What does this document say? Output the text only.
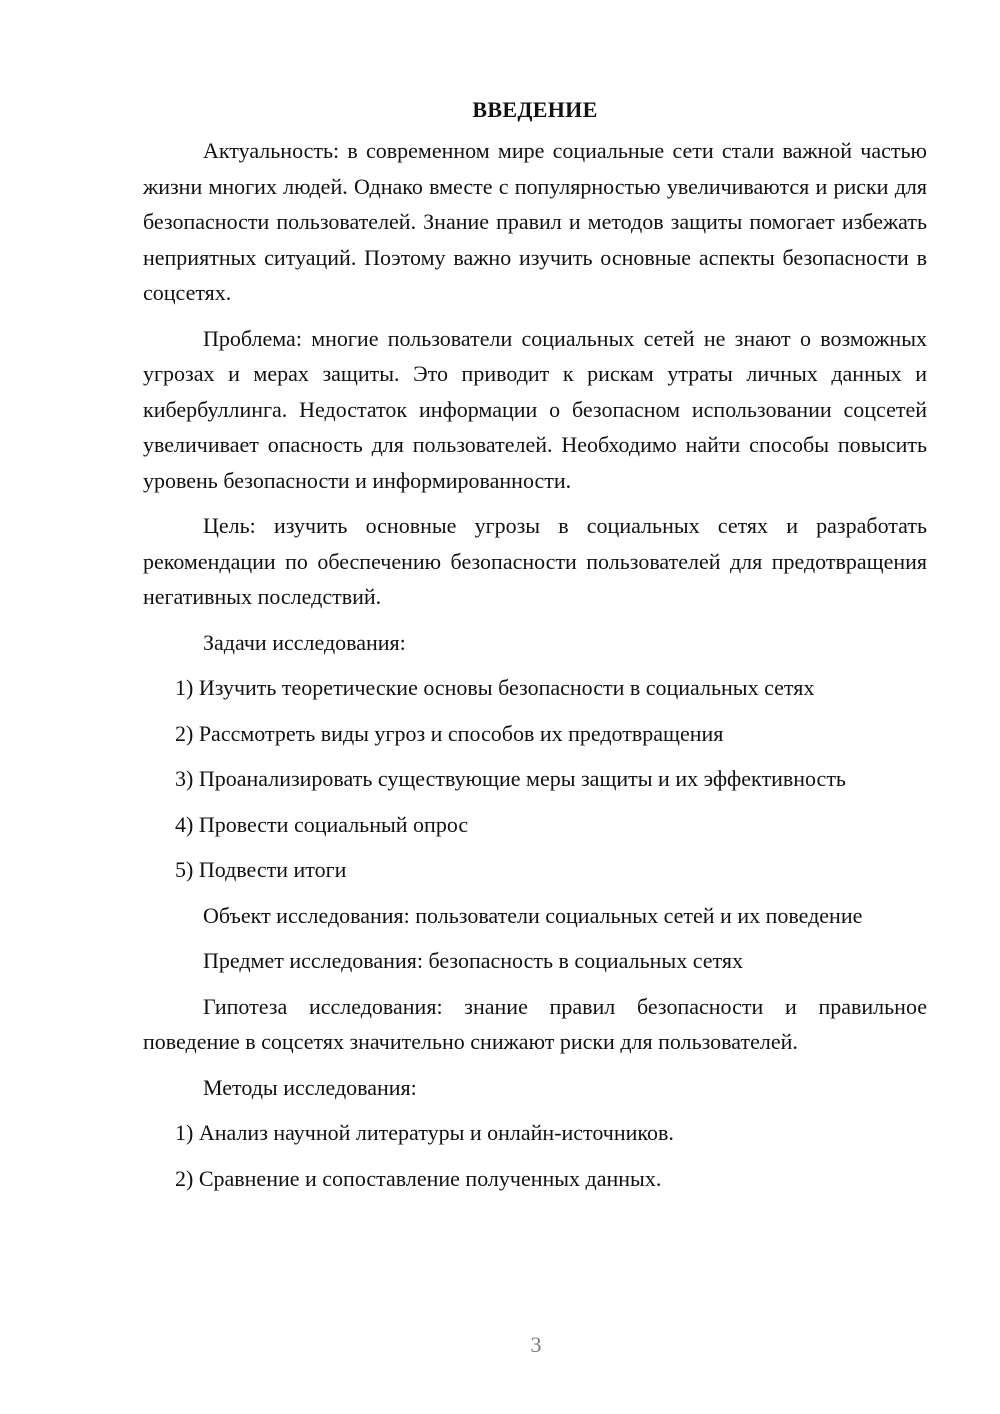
ВВЕДЕНИЕ

Актуальность: в современном мире социальные сети стали важной частью жизни многих людей. Однако вместе с популярностью увеличиваются и риски для безопасности пользователей. Знание правил и методов защиты помогает избежать неприятных ситуаций. Поэтому важно изучить основные аспекты безопасности в соцсетях.

Проблема: многие пользователи социальных сетей не знают о возможных угрозах и мерах защиты. Это приводит к рискам утраты личных данных и кибербуллинга. Недостаток информации о безопасном использовании соцсетей увеличивает опасность для пользователей. Необходимо найти способы повысить уровень безопасности и информированности.

Цель: изучить основные угрозы в социальных сетях и разработать рекомендации по обеспечению безопасности пользователей для предотвращения негативных последствий.

Задачи исследования:

1) Изучить теоретические основы безопасности в социальных сетях

2) Рассмотреть виды угроз и способов их предотвращения

3) Проанализировать существующие меры защиты и их эффективность

4) Провести социальный опрос

5) Подвести итоги

Объект исследования: пользователи социальных сетей и их поведение

Предмет исследования: безопасность в социальных сетях

Гипотеза исследования: знание правил безопасности и правильное поведение в соцсетях значительно снижают риски для пользователей.

Методы исследования:

1) Анализ научной литературы и онлайн-источников.

2) Сравнение и сопоставление полученных данных.

3
